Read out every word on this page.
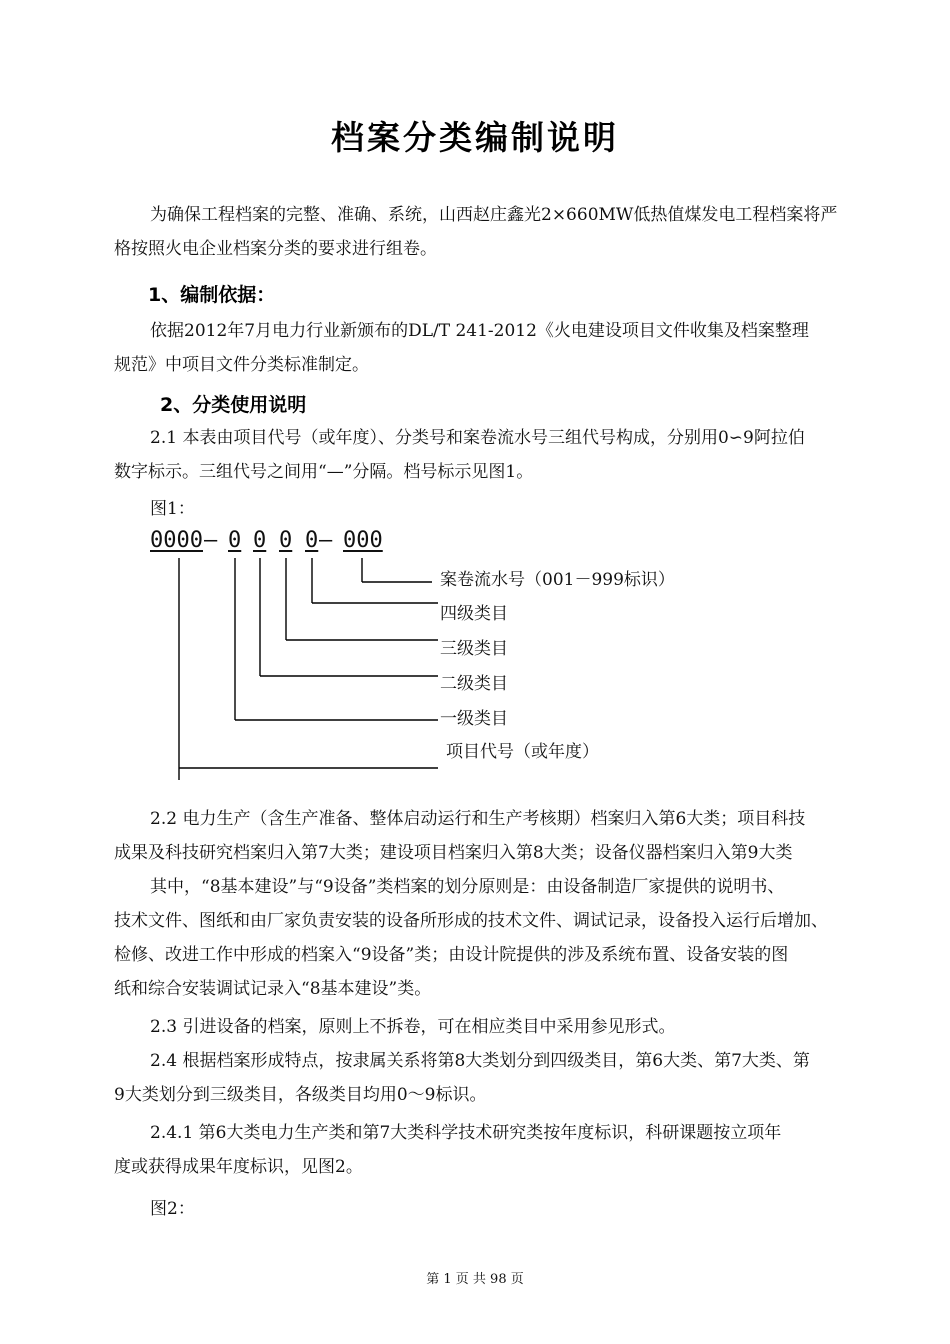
档案分类编制说明
为确保工程档案的完整、准确、系统，山西赵庄鑫光2×660MW低热值煤发电工程档案将严
格按照火电企业档案分类的要求进行组卷。
1、编制依据：
依据2012年7月电力行业新颁布的DL/T 241-2012《火电建设项目文件收集及档案整理
规范》中项目文件分类标准制定。
2、分类使用说明
2.1 本表由项目代号（或年度）、分类号和案卷流水号三组代号构成，分别用0∽9阿拉伯
数字标示。三组代号之间用“—”分隔。档号标示见图1。
图1：
0000 — 0 0 0 0 — 000
案卷流水号（001－999标识）
四级类目
三级类目
二级类目
一级类目
项目代号（或年度）
2.2 电力生产（含生产准备、整体启动运行和生产考核期）档案归入第6大类；项目科技
成果及科技研究档案归入第7大类；建设项目档案归入第8大类；设备仪器档案归入第9大类
其中，“8基本建设”与“9设备”类档案的划分原则是：由设备制造厂家提供的说明书、
技术文件、图纸和由厂家负责安装的设备所形成的技术文件、调试记录，设备投入运行后增加、
检修、改进工作中形成的档案入“9设备”类；由设计院提供的涉及系统布置、设备安装的图
纸和综合安装调试记录入“8基本建设”类。
2.3 引进设备的档案，原则上不拆卷，可在相应类目中采用参见形式。
2.4 根据档案形成特点，按隶属关系将第8大类划分到四级类目，第6大类、第7大类、第
9大类划分到三级类目，各级类目均用0～9标识。
2.4.1 第6大类电力生产类和第7大类科学技术研究类按年度标识，科研课题按立项年
度或获得成果年度标识，见图2。
图2：
第 1 页 共 98 页
